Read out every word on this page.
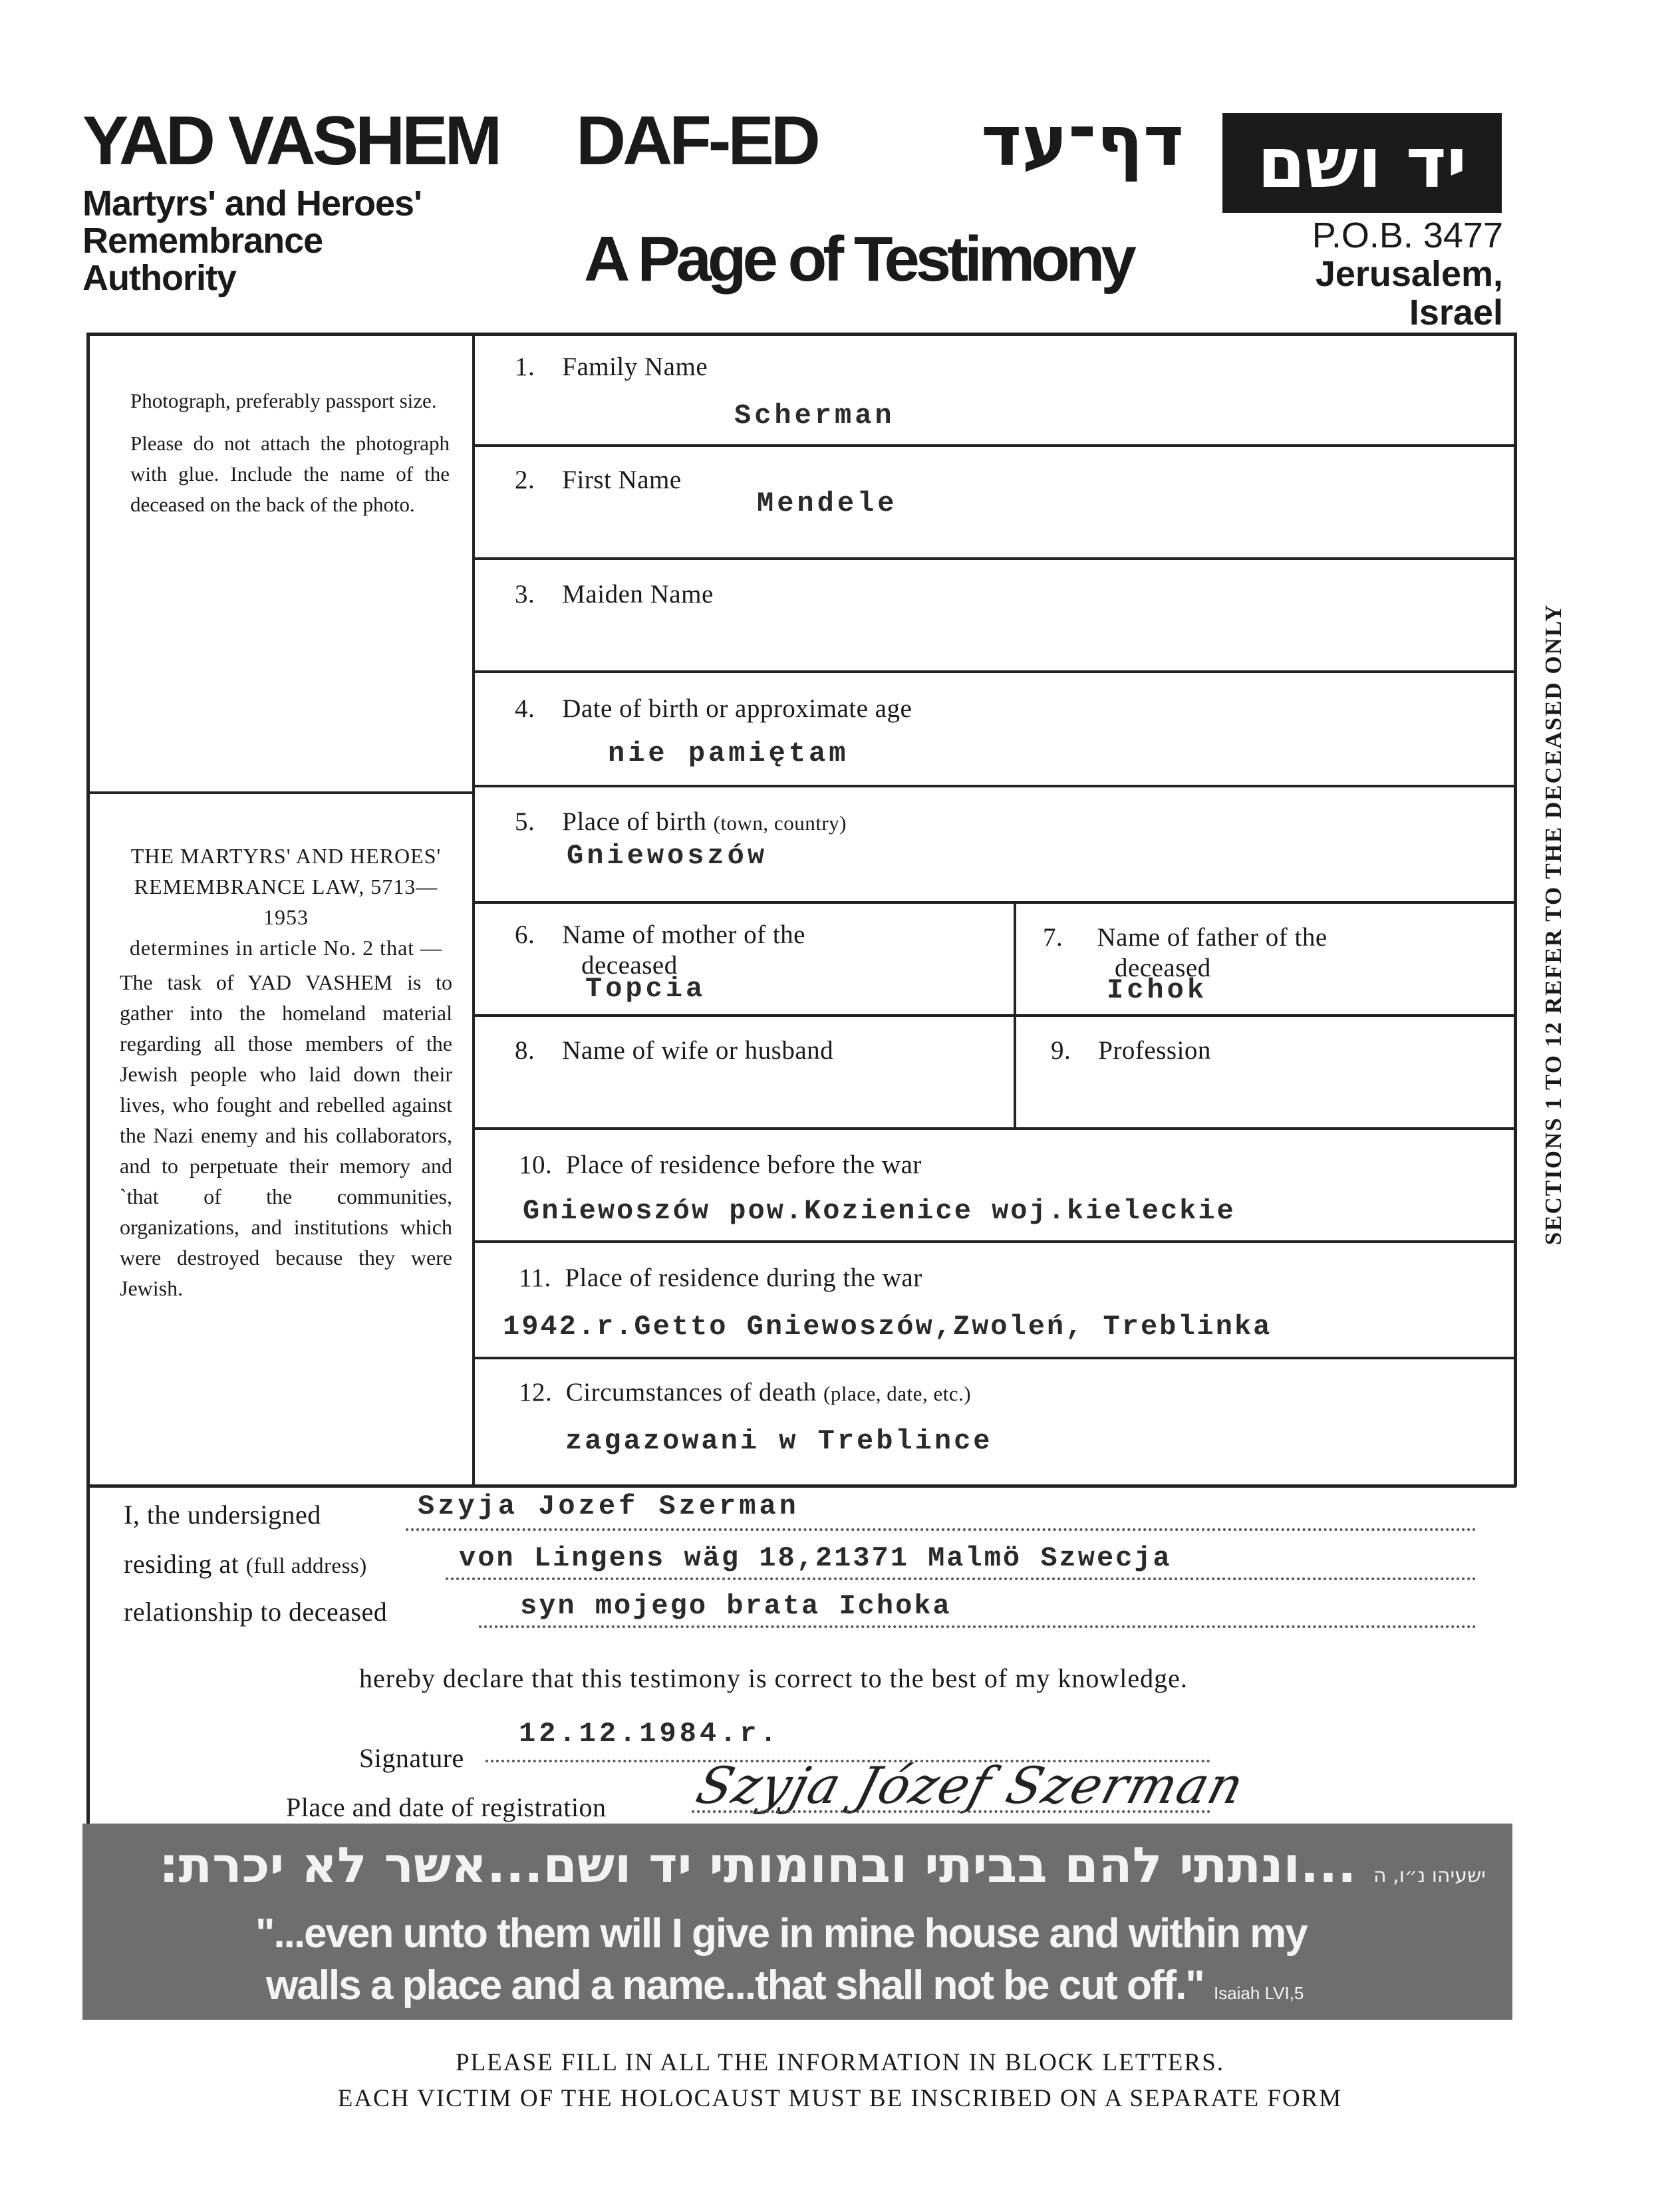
YAD VASHEM
Martyrs' and Heroes'
Remembrance
Authority
DAF-ED	דף־עד
A Page of Testimony
יד ושם
P.O.B. 3477
Jerusalem, Israel

Photograph, preferably passport size.

Please do not attach the photograph with glue. Include the name of the deceased on the back of the photo.

THE MARTYRS' AND HEROES' REMEMBRANCE LAW, 5713—1953
determines in article No. 2 that —
The task of YAD VASHEM is to gather into the homeland material regarding all those members of the Jewish people who laid down their lives, who fought and rebelled against the Nazi enemy and his collaborators, and to perpetuate their memory and `that of the communities, organizations, and institutions which were destroyed because they were Jewish.
1. Family Name
Scherman
2. First Name
Mendele
3. Maiden Name
4. Date of birth or approximate age
nie pamiętam
5. Place of birth (town, country)
Gniewoszów
6. Name of mother of the
deceased
Topcia
7. Name of father of the
deceased
Ichok
8. Name of wife or husband	9. Profession
10. Place of residence before the war
Gniewoszów pow.Kozienice woj.kieleckie
11. Place of residence during the war
1942.r.Getto Gniewoszów,Zwoleń, Treblinka
12. Circumstances of death (place, date, etc.)
zagazowani w Treblince
SECTIONS 1 TO 12 REFER TO THE DECEASED ONLY
I, the undersigned	Szyja Jozef Szerman
residing at (full address)	von Lingens wäg 18,21371 Malmö Szwecja
relationship to deceased	syn mojego brata Ichoka
hereby declare that this testimony is correct to the best of my knowledge.
Signature
12.12.1984.r.
Place and date of registration Szyja Józef Szerman
ישעיהו נ״ו, ה ...ונתתי להם בביתי ובחומותי יד ושם...אשר לא יכרת:
"...even unto them will I give in mine house and within my
walls a place and a name...that shall not be cut off." Isaiah LVI,5
PLEASE FILL IN ALL THE INFORMATION IN BLOCK LETTERS.
EACH VICTIM OF THE HOLOCAUST MUST BE INSCRIBED ON A SEPARATE FORM
